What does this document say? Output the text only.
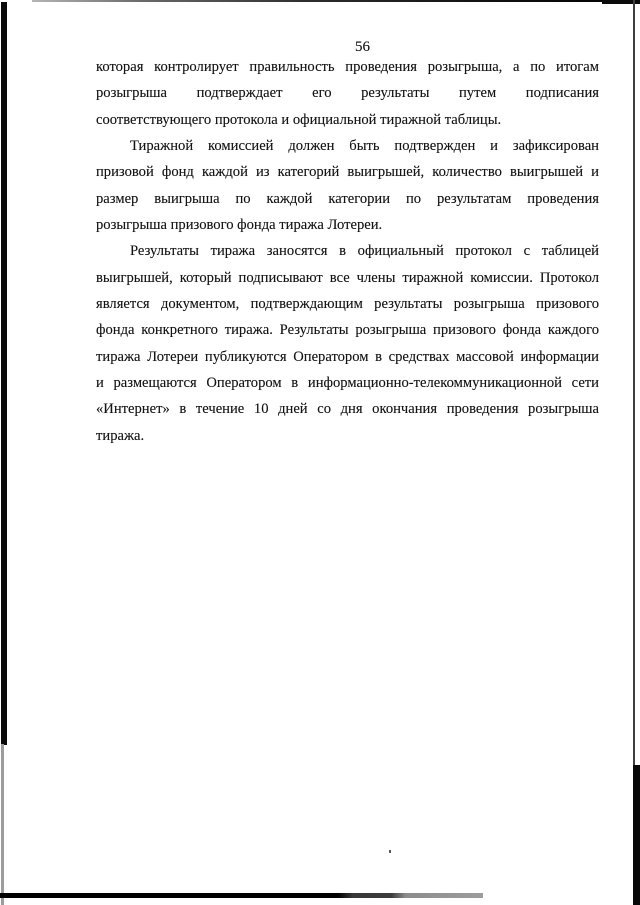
56
которая контролирует правильность проведения розыгрыша, а по итогам
розыгрыша подтверждает его результаты путем подписания
соответствующего протокола и официальной тиражной таблицы.
Тиражной комиссией должен быть подтвержден и зафиксирован
призовой фонд каждой из категорий выигрышей, количество выигрышей и
размер выигрыша по каждой категории по результатам проведения
розыгрыша призового фонда тиража Лотереи.
Результаты тиража заносятся в официальный протокол с таблицей
выигрышей, который подписывают все члены тиражной комиссии. Протокол
является документом, подтверждающим результаты розыгрыша призового
фонда конкретного тиража. Результаты розыгрыша призового фонда каждого
тиража Лотереи публикуются Оператором в средствах массовой информации
и размещаются Оператором в информационно-телекоммуникационной сети
«Интернет» в течение 10 дней со дня окончания проведения розыгрыша
тиража.
